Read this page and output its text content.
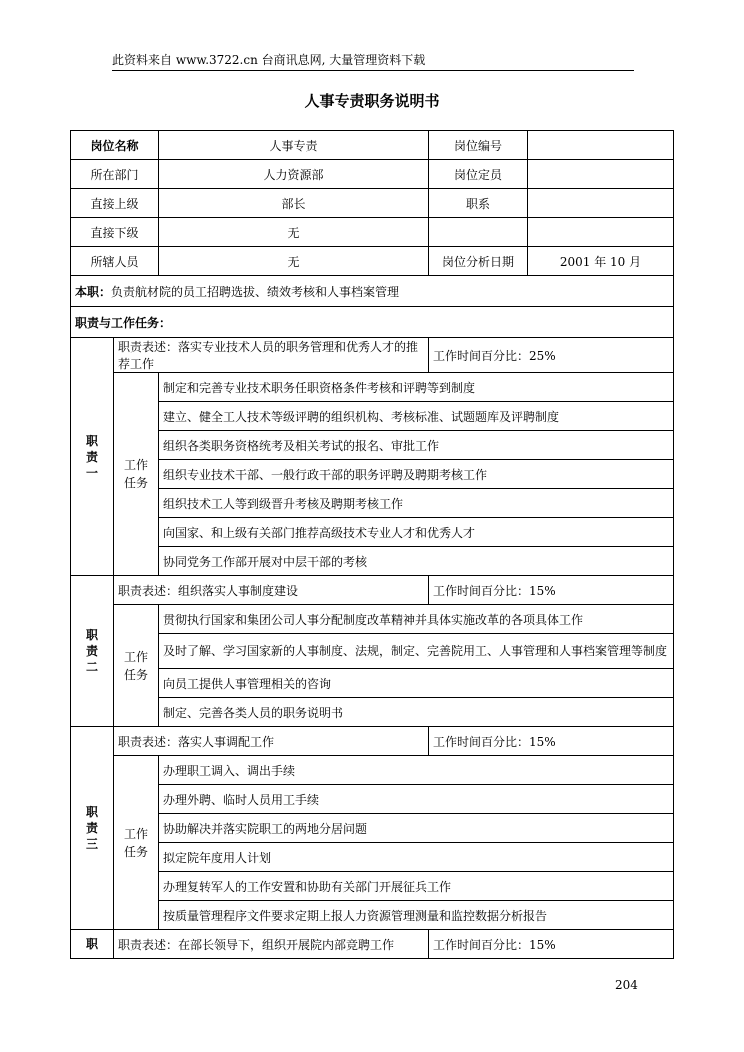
此资料来自 www.3722.cn 台商讯息网, 大量管理资料下载
人事专责职务说明书
岗位名称		人事专责	岗位编号	
所在部门		人力资源部	岗位定员	
直接上级		部长	职系	
直接下级		无		
所辖人员		无	岗位分析日期	2001 年 10 月
本职：负责航材院的员工招聘选拔、绩效考核和人事档案管理				
职责与工作任务：				

职
责
一	职责表述：落实专业技术人员的职务管理和优秀人才的推荐工作		工作时间百分比：25%	
	工作
任务	制定和完善专业技术职务任职资格条件考核和评聘等到制度		
		建立、健全工人技术等级评聘的组织机构、考核标准、试题题库及评聘制度		
		组织各类职务资格统考及相关考试的报名、审批工作		
		组织专业技术干部、一般行政干部的职务评聘及聘期考核工作		
		组织技术工人等到级晋升考核及聘期考核工作		
		向国家、和上级有关部门推荐高级技术专业人才和优秀人才		
		协同党务工作部开展对中层干部的考核		

职
责
二	职责表述：组织落实人事制度建设		工作时间百分比：15%	
	工作
任务	贯彻执行国家和集团公司人事分配制度改革精神并具体实施改革的各项具体工作		
		及时了解、学习国家新的人事制度、法规，制定、完善院用工、人事管理和人事档案管理等制度		
		向员工提供人事管理相关的咨询		
		制定、完善各类人员的职务说明书		

职
责
三	职责表述：落实人事调配工作		工作时间百分比：15%	
	工作
任务	办理职工调入、调出手续		
		办理外聘、临时人员用工手续		
		协助解决并落实院职工的两地分居问题		
		拟定院年度用人计划		
		办理复转军人的工作安置和协助有关部门开展征兵工作		
		按质量管理程序文件要求定期上报人力资源管理测量和监控数据分析报告		
职	职责表述：在部长领导下，组织开展院内部竞聘工作		工作时间百分比：15%	
204
